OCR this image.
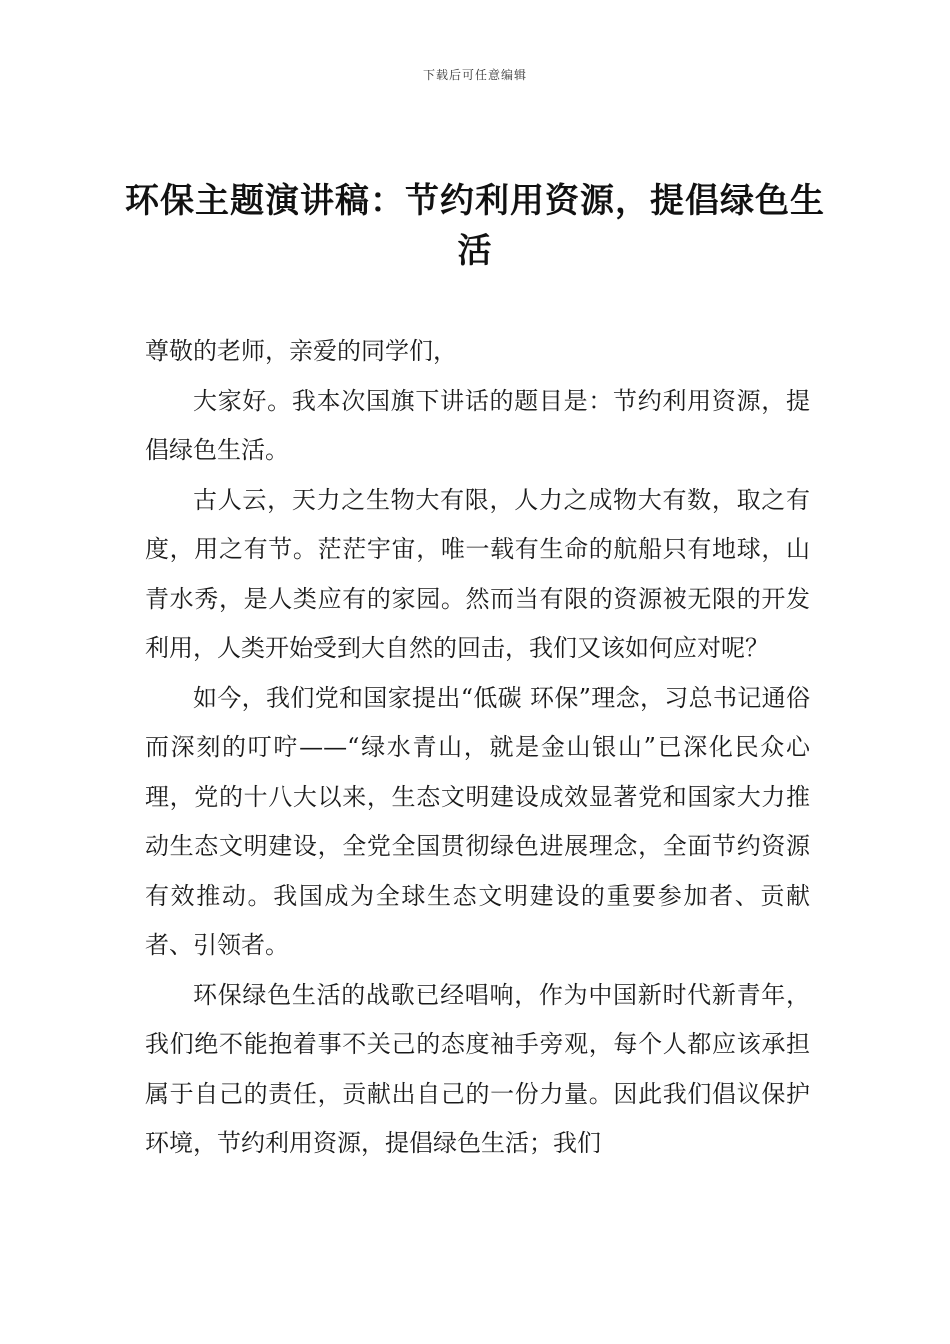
下载后可任意编辑
环保主题演讲稿：节约利用资源，提倡绿色生活

尊敬的老师，亲爱的同学们，

大家好。我本次国旗下讲话的题目是：节约利用资源，提倡绿色生活。

古人云，天力之生物大有限，人力之成物大有数，取之有度，用之有节。茫茫宇宙，唯一载有生命的航船只有地球，山青水秀，是人类应有的家园。然而当有限的资源被无限的开发利用，人类开始受到大自然的回击，我们又该如何应对呢？

如今，我们党和国家提出“低碳 环保”理念，习总书记通俗而深刻的叮咛——“绿水青山，就是金山银山”已深化民众心理，党的十八大以来，生态文明建设成效显著党和国家大力推动生态文明建设，全党全国贯彻绿色进展理念，全面节约资源有效推动。我国成为全球生态文明建设的重要参加者、贡献者、引领者。

环保绿色生活的战歌已经唱响，作为中国新时代新青年，我们绝不能抱着事不关己的态度袖手旁观，每个人都应该承担属于自己的责任，贡献出自己的一份力量。因此我们倡议保护环境，节约利用资源，提倡绿色生活；我们
